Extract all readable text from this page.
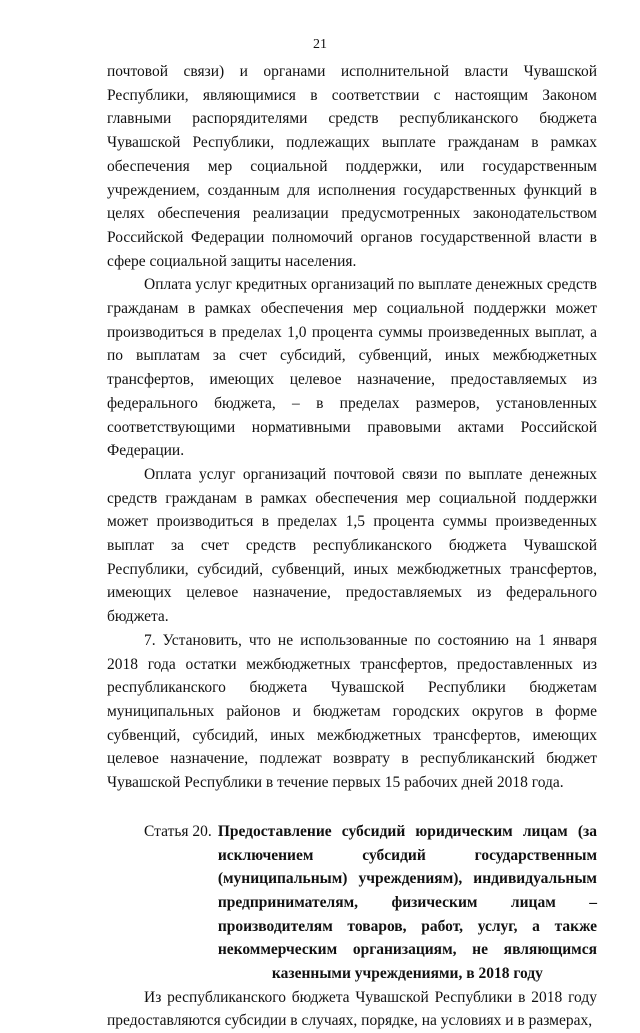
21

почтовой связи) и органами исполнительной власти Чувашской Республики, являющимися в соответствии с настоящим Законом главными распорядителями средств республиканского бюджета Чувашской Республики, подлежащих выплате гражданам в рамках обеспечения мер социальной поддержки, или государственным учреждением, созданным для исполнения государственных функций в целях обеспечения реализации предусмотренных законодательством Российской Федерации полномочий органов государственной власти в сфере социальной защиты населения.

Оплата услуг кредитных организаций по выплате денежных средств гражданам в рамках обеспечения мер социальной поддержки может производиться в пределах 1,0 процента суммы произведенных выплат, а по выплатам за счет субсидий, субвенций, иных межбюджетных трансфертов, имеющих целевое назначение, предоставляемых из федерального бюджета, – в пределах размеров, установленных соответствующими нормативными правовыми актами Российской Федерации.

Оплата услуг организаций почтовой связи по выплате денежных средств гражданам в рамках обеспечения мер социальной поддержки может производиться в пределах 1,5 процента суммы произведенных выплат за счет средств республиканского бюджета Чувашской Республики, субсидий, субвенций, иных межбюджетных трансфертов, имеющих целевое назначение, предоставляемых из федерального бюджета.

7. Установить, что не использованные по состоянию на 1 января 2018 года остатки межбюджетных трансфертов, предоставленных из республиканского бюджета Чувашской Республики бюджетам муниципальных районов и бюджетам городских округов в форме субвенций, субсидий, иных межбюджетных трансфертов, имеющих целевое назначение, подлежат возврату в республиканский бюджет Чувашской Республики в течение первых 15 рабочих дней 2018 года.

Статья 20. Предоставление субсидий юридическим лицам (за исключением субсидий государственным (муниципальным) учреждениям), индивидуальным предпринимателям, физическим лицам – производителям товаров, работ, услуг, а также некоммерческим организациям, не являющимся казенными учреждениями, в 2018 году

Из республиканского бюджета Чувашской Республики в 2018 году предоставляются субсидии в случаях, порядке, на условиях и в размерах,
